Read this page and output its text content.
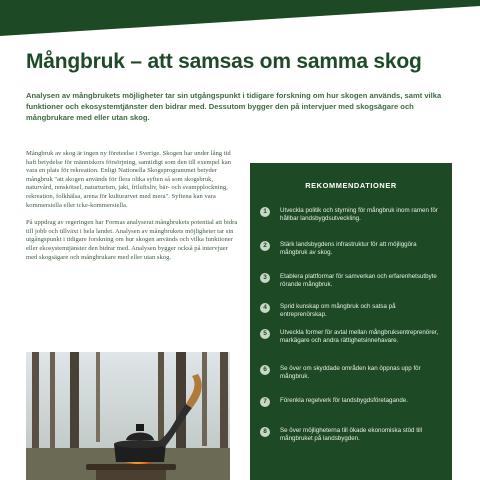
Mångbruk – att samsas om samma skog

Analysen av mångbrukets möjligheter tar sin utgångspunkt i tidigare forskning om hur skogen används, samt vilka funktioner och ekosystemtjänster den bidrar med. Dessutom bygger den på intervjuer med skogsägare och mångbrukare med eller utan skog.

Mångbruk av skog är ingen ny företeelse i Sverige. Skogen har under lång tid haft betydelse för människors försörjning, samtidigt som den till exempel kan vara en plats för rekreation. Enligt Nationella Skogsprogrammet betyder mångbruk "att skogen används för flera olika syften så som skogsbruk, naturvård, renskötsel, naturturism, jakt, friluftsliv, bär- och svampplockning, rekreation, folkhälsa, arena för kulturarvet med mera". Syftena kan vara kommersiella eller icke-kommersiella.

På uppdrag av regeringen har Formas analyserat mångbrukets potential att bidra till jobb och tillväxt i hela landet. Analysen av mångbrukets möjligheter tar sin utgångspunkt i tidigare forskning om hur skogen används och vilka funktioner eller ekosystemtjänster den bidrar med. Analysen bygger också på intervjuer med skogsägare och mångbrukare med eller utan skog.

REKOMMENDATIONER
1	Utveckla politik och styrning för mångbruk inom ramen för hållbar landsbygdsutveckling.

2	Stärk landsbygdens infrastruktur för att möjliggöra mångbruk av skog.

3	Etablera plattformar för samverkan och erfarenhetsutbyte rörande mångbruk.

4	Sprid kunskap om mångbruk och satsa på entreprenörskap.

5	Utveckla former för avtal mellan mångbruksentreprenörer, markägare och andra rättighetsinnehavare.

6	Se över om skyddade områden kan öppnas upp för mångbruk.

7	Förenkla regelverk för landsbygdsföretagande.

8	Se över möjligheterna till ökade ekonomiska stöd till mångbruket på landsbygden.
